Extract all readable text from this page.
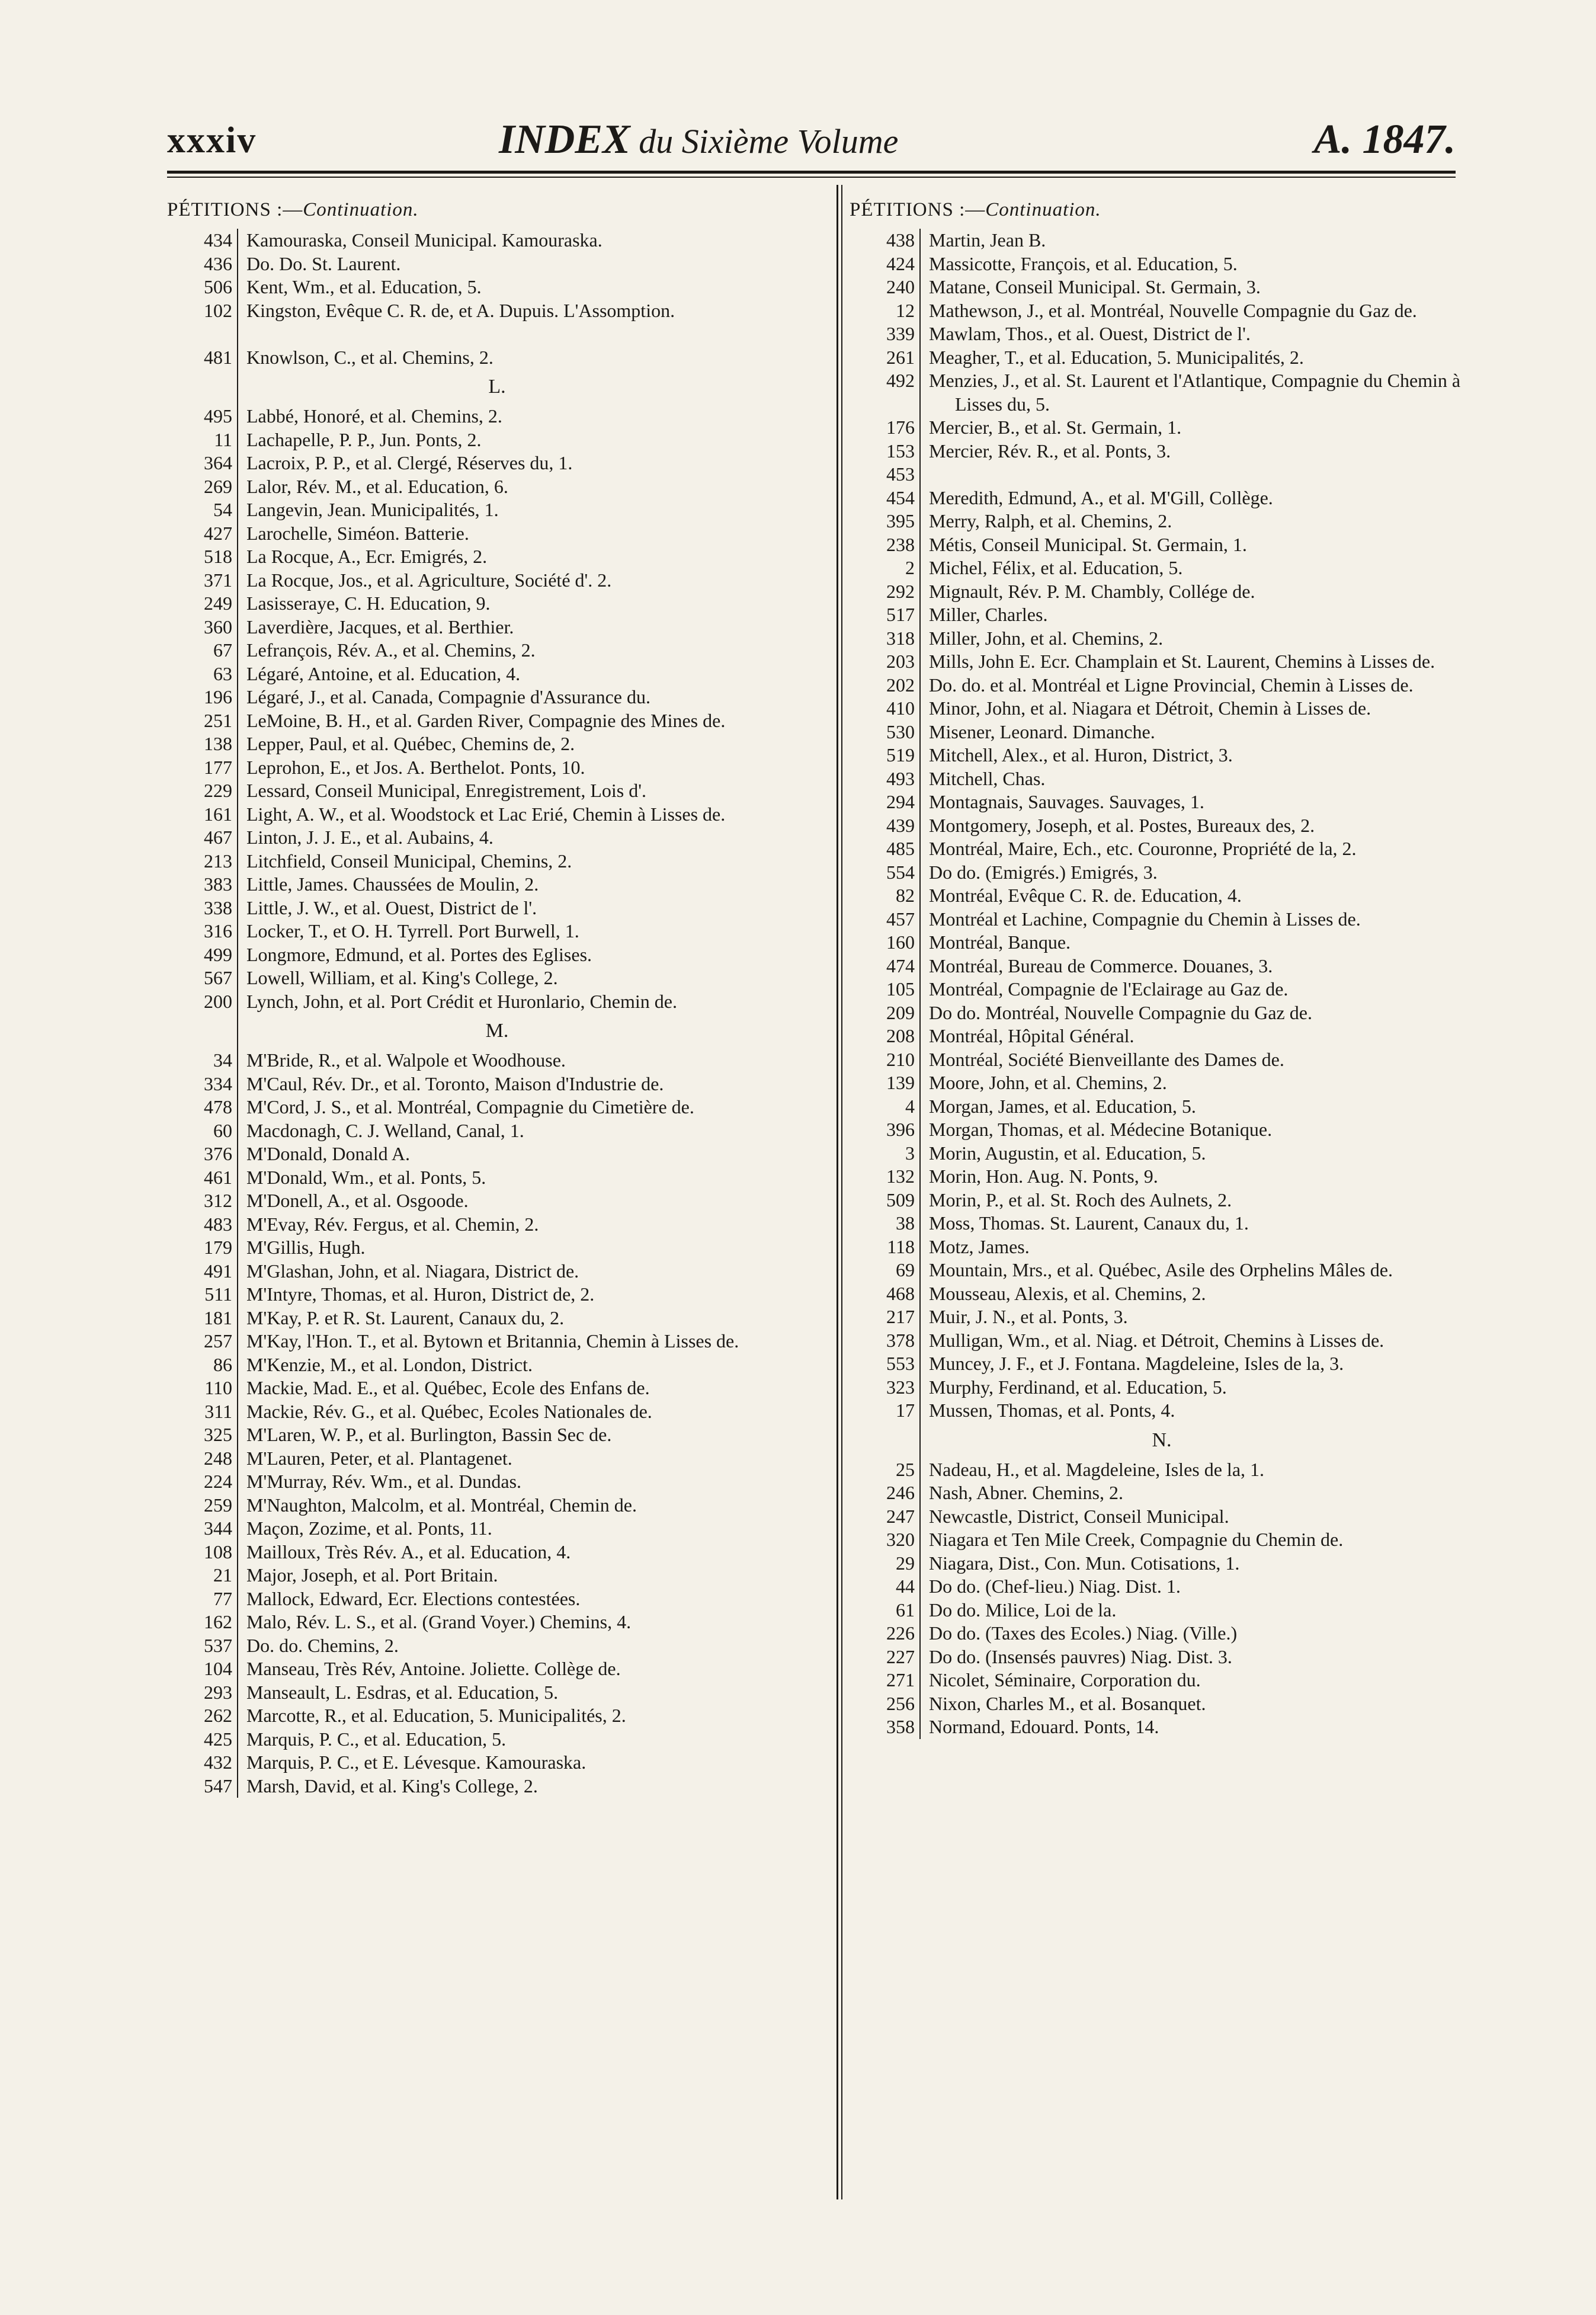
xxxiv	INDEX du Sixième Volume	A. 1847.
PÉTITIONS :—Continuation.
434 Kamouraska, Conseil Municipal. Kamouraska.
436 Do. Do. St. Laurent.
506 Kent, Wm., et al. Education, 5.
102 Kingston, Evêque C. R. de, et A. Dupuis. L'Assomption.

481 Knowlson, C., et al. Chemins, 2.
L.
495 Labbé, Honoré, et al. Chemins, 2.
11 Lachapelle, P. P., Jun. Ponts, 2.
364 Lacroix, P. P., et al. Clergé, Réserves du, 1.
269 Lalor, Rév. M., et al. Education, 6.
54 Langevin, Jean. Municipalités, 1.
427 Larochelle, Siméon. Batterie.
518 La Rocque, A., Ecr. Emigrés, 2.
371 La Rocque, Jos., et al. Agriculture, Société d'. 2.
249 Lasisseraye, C. H. Education, 9.
360 Laverdière, Jacques, et al. Berthier.
67 Lefrançois, Rév. A., et al. Chemins, 2.
63 Légaré, Antoine, et al. Education, 4.
196 Légaré, J., et al. Canada, Compagnie d'Assurance du.
251 LeMoine, B. H., et al. Garden River, Compagnie des Mines de.
138 Lepper, Paul, et al. Québec, Chemins de, 2.
177 Leprohon, E., et Jos. A. Berthelot. Ponts, 10.
229 Lessard, Conseil Municipal, Enregistrement, Lois d'.
161 Light, A. W., et al. Woodstock et Lac Erié, Chemin à Lisses de.
467 Linton, J. J. E., et al. Aubains, 4.
213 Litchfield, Conseil Municipal, Chemins, 2.
383 Little, James. Chaussées de Moulin, 2.
338 Little, J. W., et al. Ouest, District de l'.
316 Locker, T., et O. H. Tyrrell. Port Burwell, 1.
499 Longmore, Edmund, et al. Portes des Eglises.
567 Lowell, William, et al. King's College, 2.
200 Lynch, John, et al. Port Crédit et Huronlario, Chemin de.
M.
34 M'Bride, R., et al. Walpole et Woodhouse.
334 M'Caul, Rév. Dr., et al. Toronto, Maison d'Industrie de.
478 M'Cord, J. S., et al. Montréal, Compagnie du Cimetière de.
60 Macdonagh, C. J. Welland, Canal, 1.
376 M'Donald, Donald A.
461 M'Donald, Wm., et al. Ponts, 5.
312 M'Donell, A., et al. Osgoode.
483 M'Evay, Rév. Fergus, et al. Chemin, 2.
179 M'Gillis, Hugh.
491 M'Glashan, John, et al. Niagara, District de.
511 M'Intyre, Thomas, et al. Huron, District de, 2.
181 M'Kay, P. et R. St. Laurent, Canaux du, 2.
257 M'Kay, l'Hon. T., et al. Bytown et Britannia, Chemin à Lisses de.
86 M'Kenzie, M., et al. London, District.
110 Mackie, Mad. E., et al. Québec, Ecole des Enfans de.
311 Mackie, Rév. G., et al. Québec, Ecoles Nationales de.
325 M'Laren, W. P., et al. Burlington, Bassin Sec de.
248 M'Lauren, Peter, et al. Plantagenet.
224 M'Murray, Rév. Wm., et al. Dundas.
259 M'Naughton, Malcolm, et al. Montréal, Chemin de.
344 Maçon, Zozime, et al. Ponts, 11.
108 Mailloux, Très Rév. A., et al. Education, 4.
21 Major, Joseph, et al. Port Britain.
77 Mallock, Edward, Ecr. Elections contestées.
162 Malo, Rév. L. S., et al. (Grand Voyer.) Chemins, 4.
537 Do. do. Chemins, 2.
104 Manseau, Très Rév, Antoine. Joliette. Collège de.
293 Manseault, L. Esdras, et al. Education, 5.
262 Marcotte, R., et al. Education, 5. Municipalités, 2.
425 Marquis, P. C., et al. Education, 5.
432 Marquis, P. C., et E. Lévesque. Kamouraska.
547 Marsh, David, et al. King's College, 2.
PÉTITIONS :—Continuation.
438 Martin, Jean B.
424 Massicotte, François, et al. Education, 5.
240 Matane, Conseil Municipal. St. Germain, 3.
12 Mathewson, J., et al. Montréal, Nouvelle Compagnie du Gaz de.
339 Mawlam, Thos., et al. Ouest, District de l'.
261 Meagher, T., et al. Education, 5. Municipalités, 2.
492 Menzies, J., et al. St. Laurent et l'Atlantique, Compagnie du Chemin à Lisses du, 5.
176 Mercier, B., et al. St. Germain, 1.
153 Mercier, Rév. R., et al. Ponts, 3.
453

454 Meredith, Edmund, A., et al. M'Gill, Collège.
395 Merry, Ralph, et al. Chemins, 2.
238 Métis, Conseil Municipal. St. Germain, 1.
2 Michel, Félix, et al. Education, 5.
292 Mignault, Rév. P. M. Chambly, Collége de.
517 Miller, Charles.
318 Miller, John, et al. Chemins, 2.
203 Mills, John E. Ecr. Champlain et St. Laurent, Chemins à Lisses de.
202 Do. do. et al. Montréal et Ligne Provincial, Chemin à Lisses de.
410 Minor, John, et al. Niagara et Détroit, Chemin à Lisses de.
530 Misener, Leonard. Dimanche.
519 Mitchell, Alex., et al. Huron, District, 3.
493 Mitchell, Chas.
294 Montagnais, Sauvages. Sauvages, 1.
439 Montgomery, Joseph, et al. Postes, Bureaux des, 2.
485 Montréal, Maire, Ech., etc. Couronne, Propriété de la, 2.
554 Do do. (Emigrés.) Emigrés, 3.
82 Montréal, Evêque C. R. de. Education, 4.
457 Montréal et Lachine, Compagnie du Chemin à Lisses de.
160 Montréal, Banque.
474 Montréal, Bureau de Commerce. Douanes, 3.
105 Montréal, Compagnie de l'Eclairage au Gaz de.
209 Do do. Montréal, Nouvelle Compagnie du Gaz de.
208 Montréal, Hôpital Général.
210 Montréal, Société Bienveillante des Dames de.
139 Moore, John, et al. Chemins, 2.
4 Morgan, James, et al. Education, 5.
396 Morgan, Thomas, et al. Médecine Botanique.
3 Morin, Augustin, et al. Education, 5.
132 Morin, Hon. Aug. N. Ponts, 9.
509 Morin, P., et al. St. Roch des Aulnets, 2.
38 Moss, Thomas. St. Laurent, Canaux du, 1.
118 Motz, James.
69 Mountain, Mrs., et al. Québec, Asile des Orphelins Mâles de.
468 Mousseau, Alexis, et al. Chemins, 2.
217 Muir, J. N., et al. Ponts, 3.
378 Mulligan, Wm., et al. Niag. et Détroit, Chemins à Lisses de.
553 Muncey, J. F., et J. Fontana. Magdeleine, Isles de la, 3.
323 Murphy, Ferdinand, et al. Education, 5.
17 Mussen, Thomas, et al. Ponts, 4.
N.
25 Nadeau, H., et al. Magdeleine, Isles de la, 1.
246 Nash, Abner. Chemins, 2.
247 Newcastle, District, Conseil Municipal.
320 Niagara et Ten Mile Creek, Compagnie du Chemin de.
29 Niagara, Dist., Con. Mun. Cotisations, 1.
44 Do do. (Chef-lieu.) Niag. Dist. 1.
61 Do do. Milice, Loi de la.
226 Do do. (Taxes des Ecoles.) Niag. (Ville.)
227 Do do. (Insensés pauvres) Niag. Dist. 3.
271 Nicolet, Séminaire, Corporation du.
256 Nixon, Charles M., et al. Bosanquet.
358 Normand, Edouard. Ponts, 14.
